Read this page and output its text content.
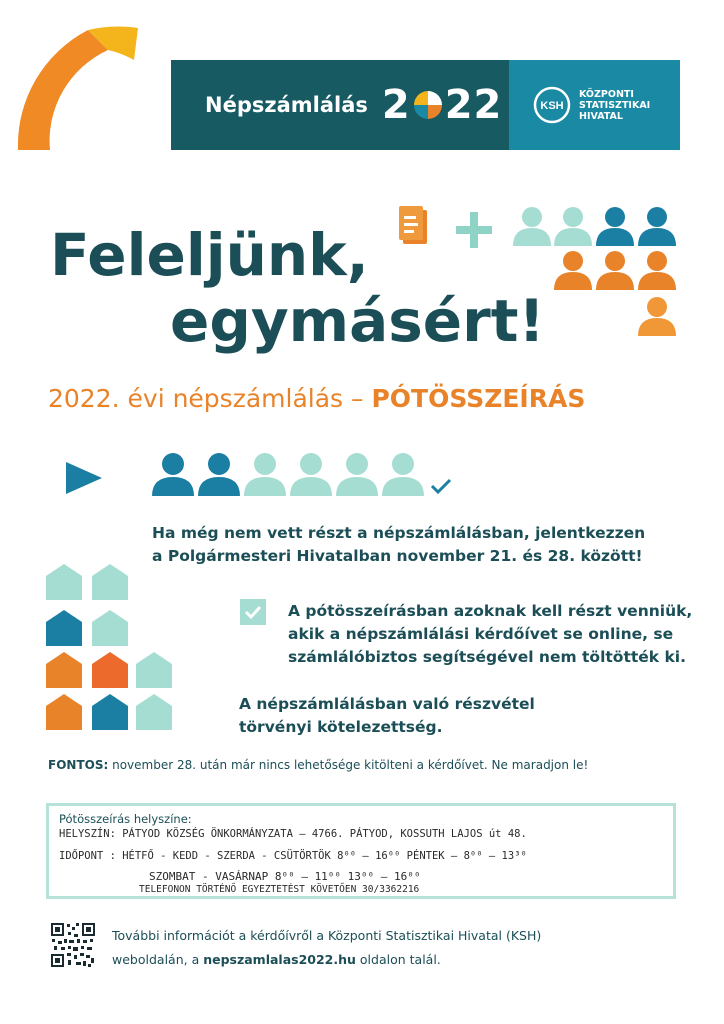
Népszámlálás 2 22	KSH
KÖZPONTI
STATISZTIKAI
HIVATAL
Feleljünk,
egymásért!
2022. évi népszámlálás – PÓTÖSSZEÍRÁS
Ha még nem vett részt a népszámlálásban, jelentkezzen
a Polgármesteri Hivatalban november 21. és 28. között!
A pótösszeírásban azoknak kell részt venniük,
akik a népszámlálási kérdőívet se online, se
számlálóbiztos segítségével nem töltötték ki.
A népszámlálásban való részvétel
törvényi kötelezettség.
FONTOS: november 28. után már nincs lehetősége kitölteni a kérdőívet. Ne maradjon le!
Pótösszeírás helyszíne:
HELYSZÍN: PÁTYOD KÖZSÉG ÖNKORMÁNYZATA – 4766. PÁTYOD, KOSSUTH LAJOS út 48.
IDŐPONT : HÉTFŐ - KEDD - SZERDA - CSÜTÖRTÖK 8⁰⁰ – 16⁰⁰ PÉNTEK – 8⁰⁰ – 13³⁰
SZOMBAT - VASÁRNAP 8⁰⁰ – 11⁰⁰ 13⁰⁰ – 16⁰⁰
TELEFONON TÖRTÉNŐ EGYEZTETÉST KÖVETŐEN 30/3362216
További információt a kérdőívről a Központi Statisztikai Hivatal (KSH)
weboldalán, a nepszamlalas2022.hu oldalon talál.
